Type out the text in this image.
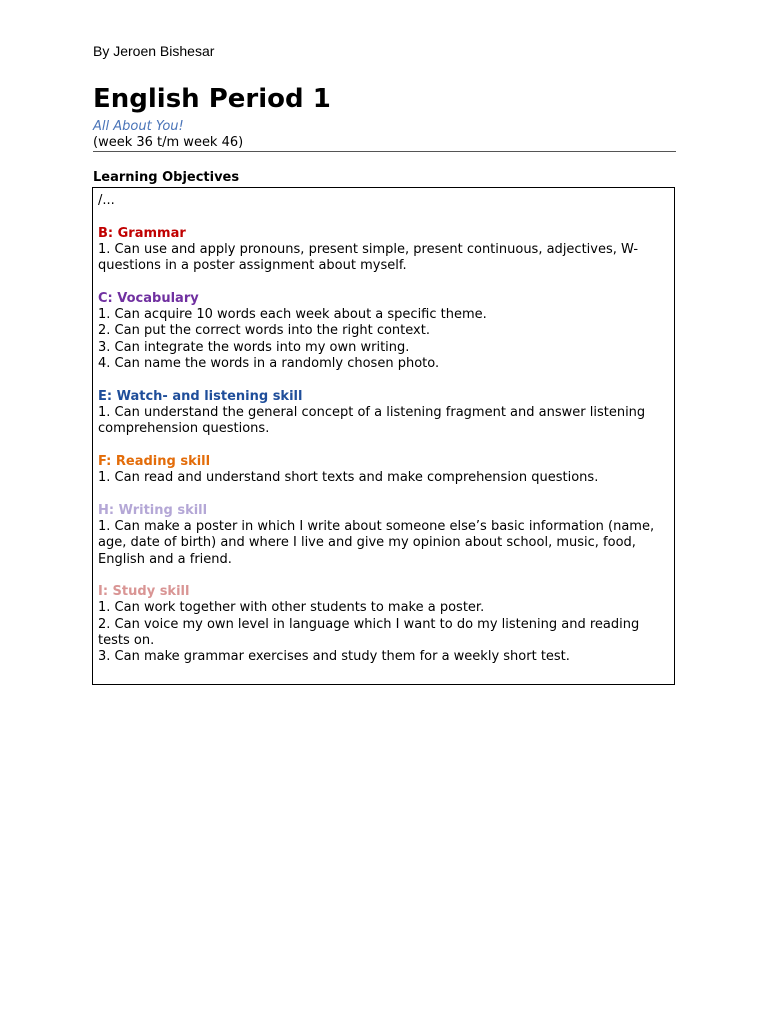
By Jeroen Bishesar
English Period 1
All About You!
(week 36 t/m week 46)
Learning Objectives
/...
B: Grammar
1. Can use and apply pronouns, present simple, present continuous, adjectives, W-
questions in a poster assignment about myself.
C: Vocabulary
1. Can acquire 10 words each week about a specific theme.
2. Can put the correct words into the right context.
3. Can integrate the words into my own writing.
4. Can name the words in a randomly chosen photo.
E: Watch- and listening skill
1. Can understand the general concept of a listening fragment and answer listening
comprehension questions.
F: Reading skill
1. Can read and understand short texts and make comprehension questions.
H: Writing skill
1. Can make a poster in which I write about someone else’s basic information (name,
age, date of birth) and where I live and give my opinion about school, music, food,
English and a friend.
I: Study skill
1. Can work together with other students to make a poster.
2. Can voice my own level in language which I want to do my listening and reading
tests on.
3. Can make grammar exercises and study them for a weekly short test.
